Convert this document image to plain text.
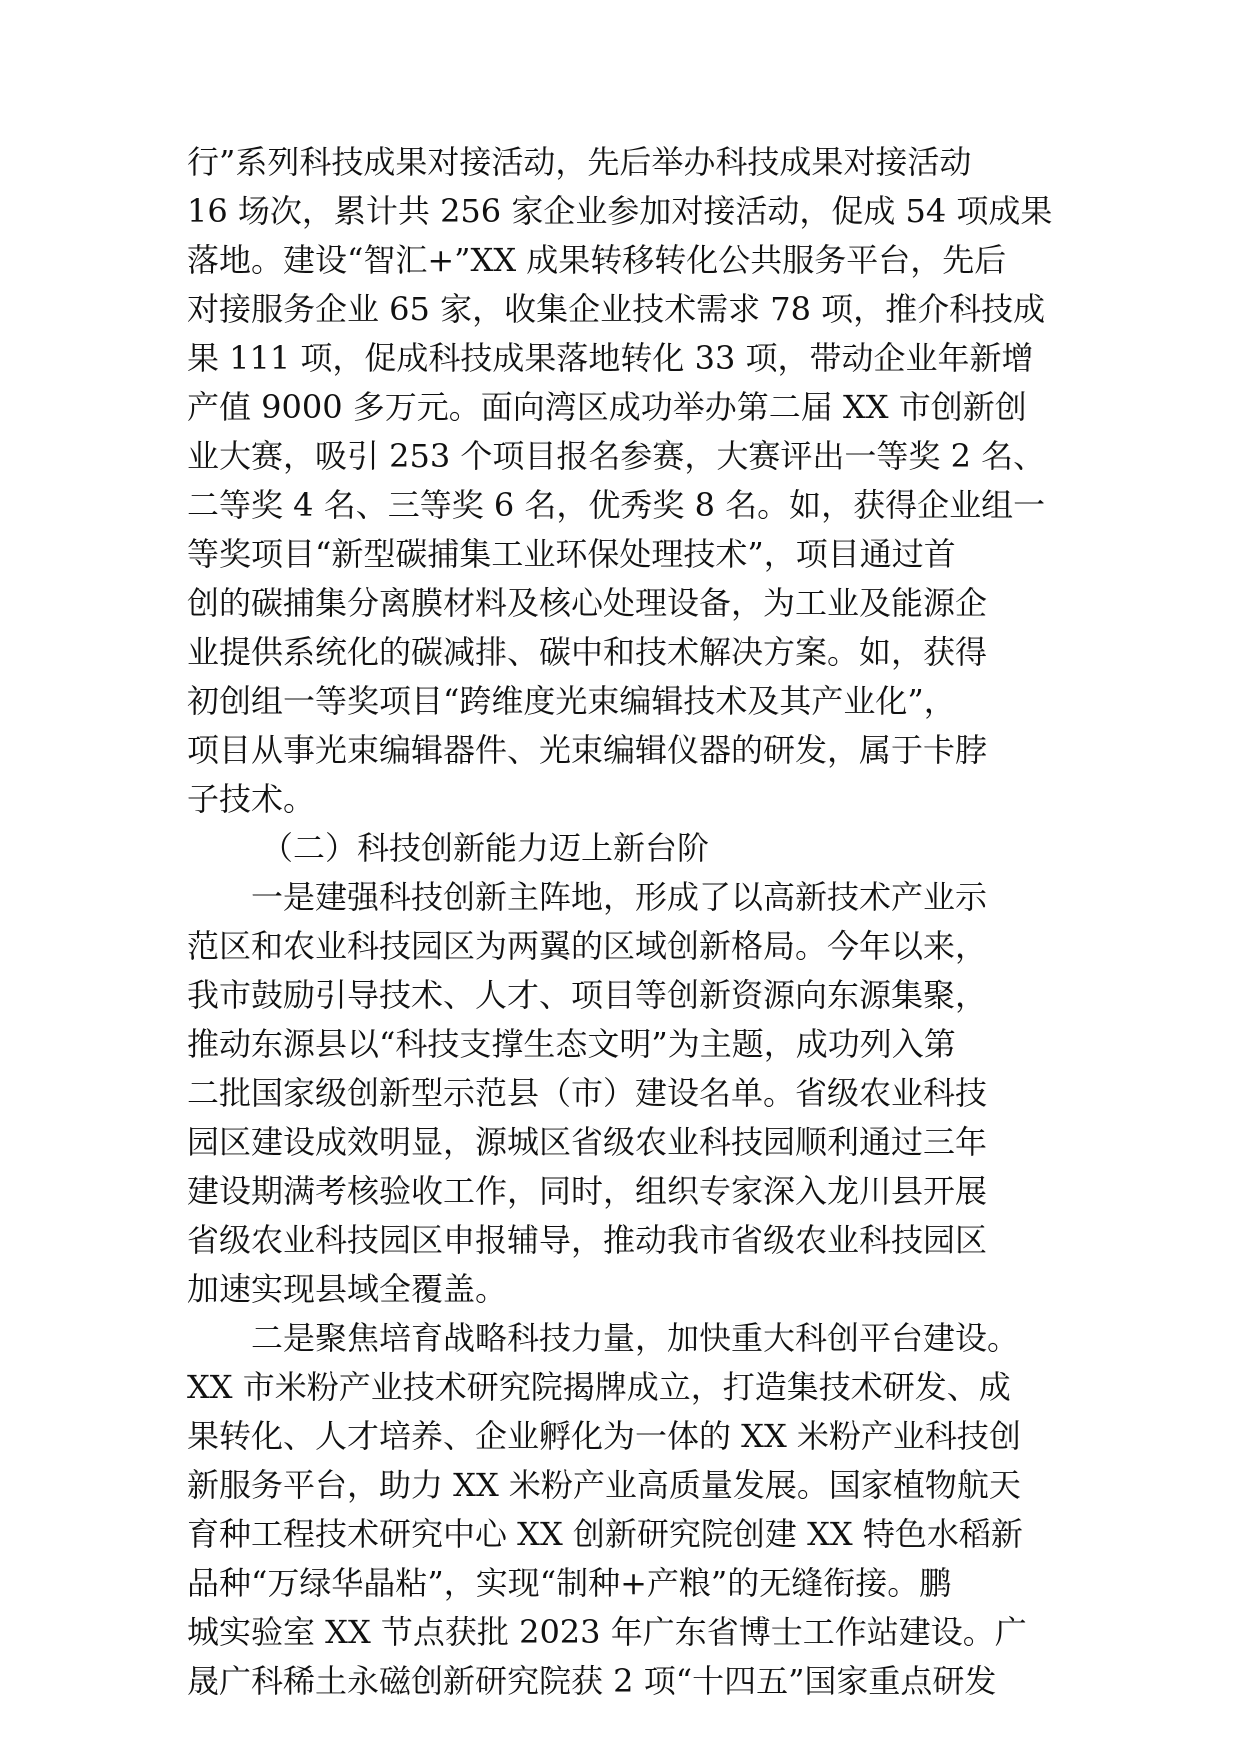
行”系列科技成果对接活动，先后举办科技成果对接活动
16 场次，累计共 256 家企业参加对接活动，促成 54 项成果
落地。建设“智汇+”XX 成果转移转化公共服务平台，先后
对接服务企业 65 家，收集企业技术需求 78 项，推介科技成
果 111 项，促成科技成果落地转化 33 项，带动企业年新增
产值 9000 多万元。面向湾区成功举办第二届 XX 市创新创
业大赛，吸引 253 个项目报名参赛，大赛评出一等奖 2 名、
二等奖 4 名、三等奖 6 名，优秀奖 8 名。如，获得企业组一
等奖项目“新型碳捕集工业环保处理技术”，项目通过首
创的碳捕集分离膜材料及核心处理设备，为工业及能源企
业提供系统化的碳减排、碳中和技术解决方案。如，获得
初创组一等奖项目“跨维度光束编辑技术及其产业化”，
项目从事光束编辑器件、光束编辑仪器的研发，属于卡脖
子技术。
（二）科技创新能力迈上新台阶
一是建强科技创新主阵地，形成了以高新技术产业示
范区和农业科技园区为两翼的区域创新格局。今年以来，
我市鼓励引导技术、人才、项目等创新资源向东源集聚，
推动东源县以“科技支撑生态文明”为主题，成功列入第
二批国家级创新型示范县（市）建设名单。省级农业科技
园区建设成效明显，源城区省级农业科技园顺利通过三年
建设期满考核验收工作，同时，组织专家深入龙川县开展
省级农业科技园区申报辅导，推动我市省级农业科技园区
加速实现县域全覆盖。
二是聚焦培育战略科技力量，加快重大科创平台建设。
XX 市米粉产业技术研究院揭牌成立，打造集技术研发、成
果转化、人才培养、企业孵化为一体的 XX 米粉产业科技创
新服务平台，助力 XX 米粉产业高质量发展。国家植物航天
育种工程技术研究中心 XX 创新研究院创建 XX 特色水稻新
品种“万绿华晶粘”，实现“制种+产粮”的无缝衔接。鹏
城实验室 XX 节点获批 2023 年广东省博士工作站建设。广
晟广科稀土永磁创新研究院获 2 项“十四五”国家重点研发
